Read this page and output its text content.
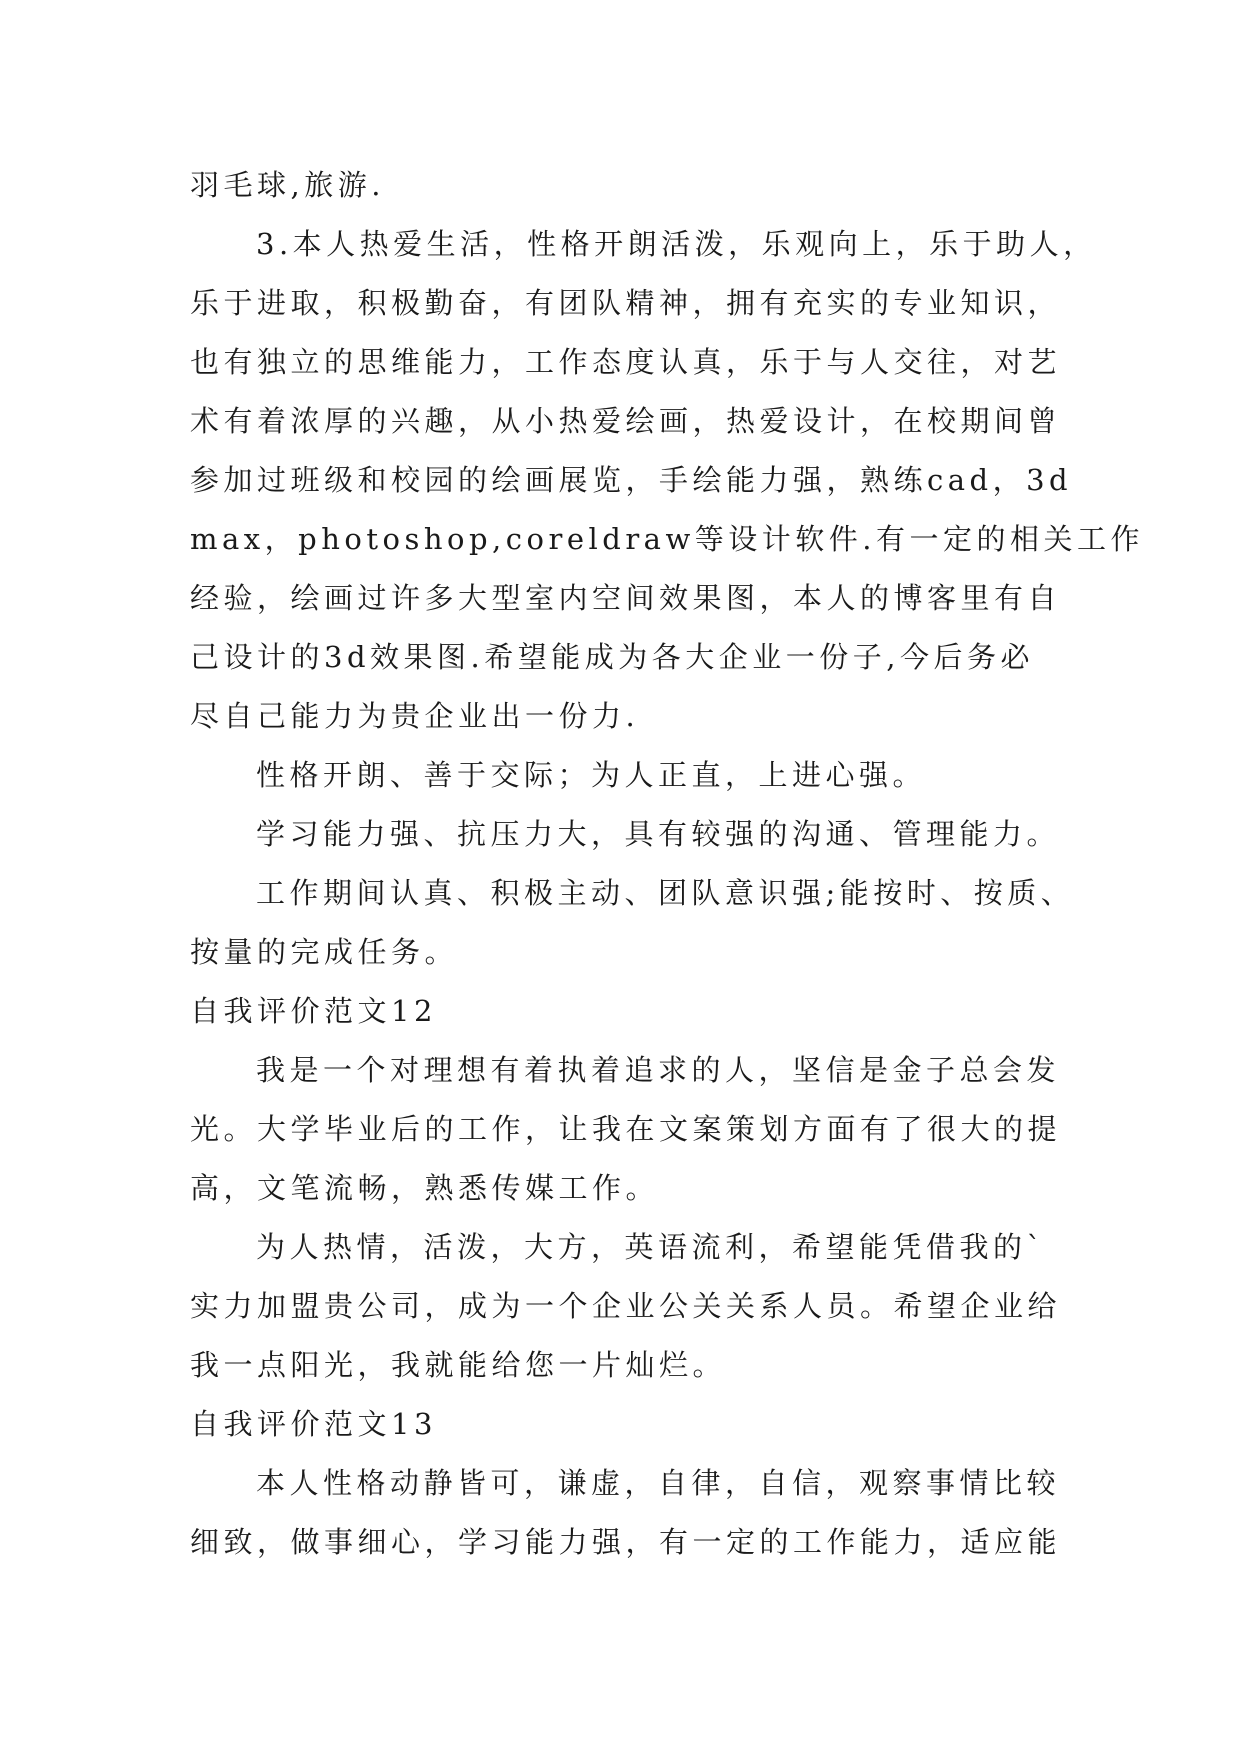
羽毛球,旅游.
3.本人热爱生活，性格开朗活泼，乐观向上，乐于助人，
乐于进取，积极勤奋，有团队精神，拥有充实的专业知识，
也有独立的思维能力，工作态度认真，乐于与人交往，对艺
术有着浓厚的兴趣，从小热爱绘画，热爱设计，在校期间曾
参加过班级和校园的绘画展览，手绘能力强，熟练cad，3d
max，photoshop,coreldraw等设计软件.有一定的相关工作
经验，绘画过许多大型室内空间效果图，本人的博客里有自
己设计的3d效果图.希望能成为各大企业一份子,今后务必
尽自己能力为贵企业出一份力.
性格开朗、善于交际；为人正直，上进心强。
学习能力强、抗压力大，具有较强的沟通、管理能力。
工作期间认真、积极主动、团队意识强;能按时、按质、
按量的完成任务。
自我评价范文12
我是一个对理想有着执着追求的人，坚信是金子总会发
光。大学毕业后的工作，让我在文案策划方面有了很大的提
高，文笔流畅，熟悉传媒工作。
为人热情，活泼，大方，英语流利，希望能凭借我的`
实力加盟贵公司，成为一个企业公关关系人员。希望企业给
我一点阳光，我就能给您一片灿烂。
自我评价范文13
本人性格动静皆可，谦虚，自律，自信，观察事情比较
细致，做事细心，学习能力强，有一定的工作能力，适应能
